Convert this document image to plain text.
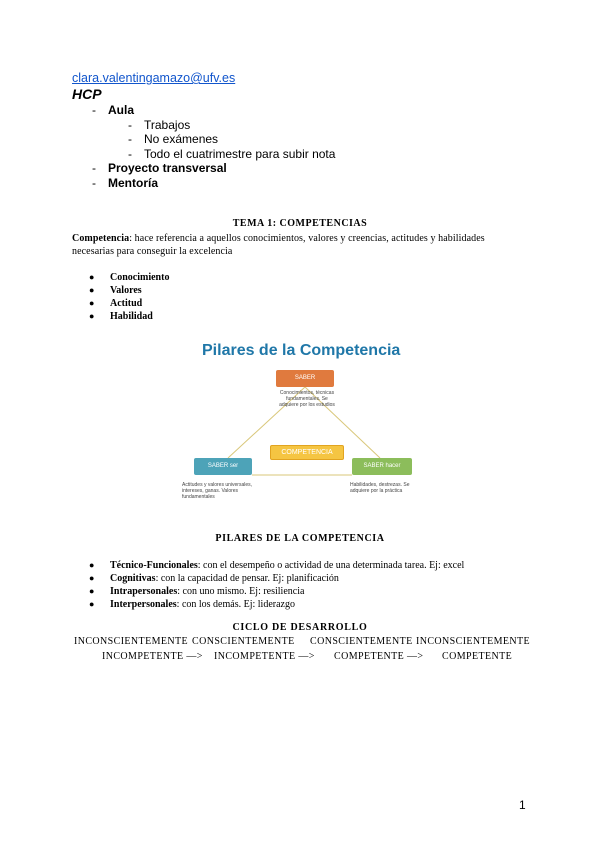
clara.valentingamazo@ufv.es
HCP
-	Aula
-	Trabajos
-	No exámenes
-	Todo el cuatrimestre para subir nota
-	Proyecto transversal
-	Mentoría
TEMA 1: COMPETENCIAS
Competencia: hace referencia a aquellos conocimientos, valores y creencias, actitudes y habilidades necesarias para conseguir la excelencia
● Conocimiento
● Valores
● Actitud
● Habilidad
Pilares de la Competencia
SABER
Conocimientos, técnicas fundamentales. Se adquiere por los estudios
COMPETENCIA
SABER ser
Actitudes y valores universales, intereses, ganas. Valores fundamentales
SABER hacer
Habilidades, destrezas. Se adquiere por la práctica
PILARES DE LA COMPETENCIA
● Técnico-Funcionales: con el desempeño o actividad de una determinada tarea. Ej: excel
● Cognitivas: con la capacidad de pensar. Ej: planificación
● Intrapersonales: con uno mismo. Ej: resiliencia
● Interpersonales: con los demás. Ej: liderazgo
CICLO DE DESARROLLO
INCONSCIENTEMENTE CONSCIENTEMENTE CONSCIENTEMENTE INCONSCIENTEMENTE
INCOMPETENTE —> INCOMPETENTE —> COMPETENTE —> COMPETENTE
1
